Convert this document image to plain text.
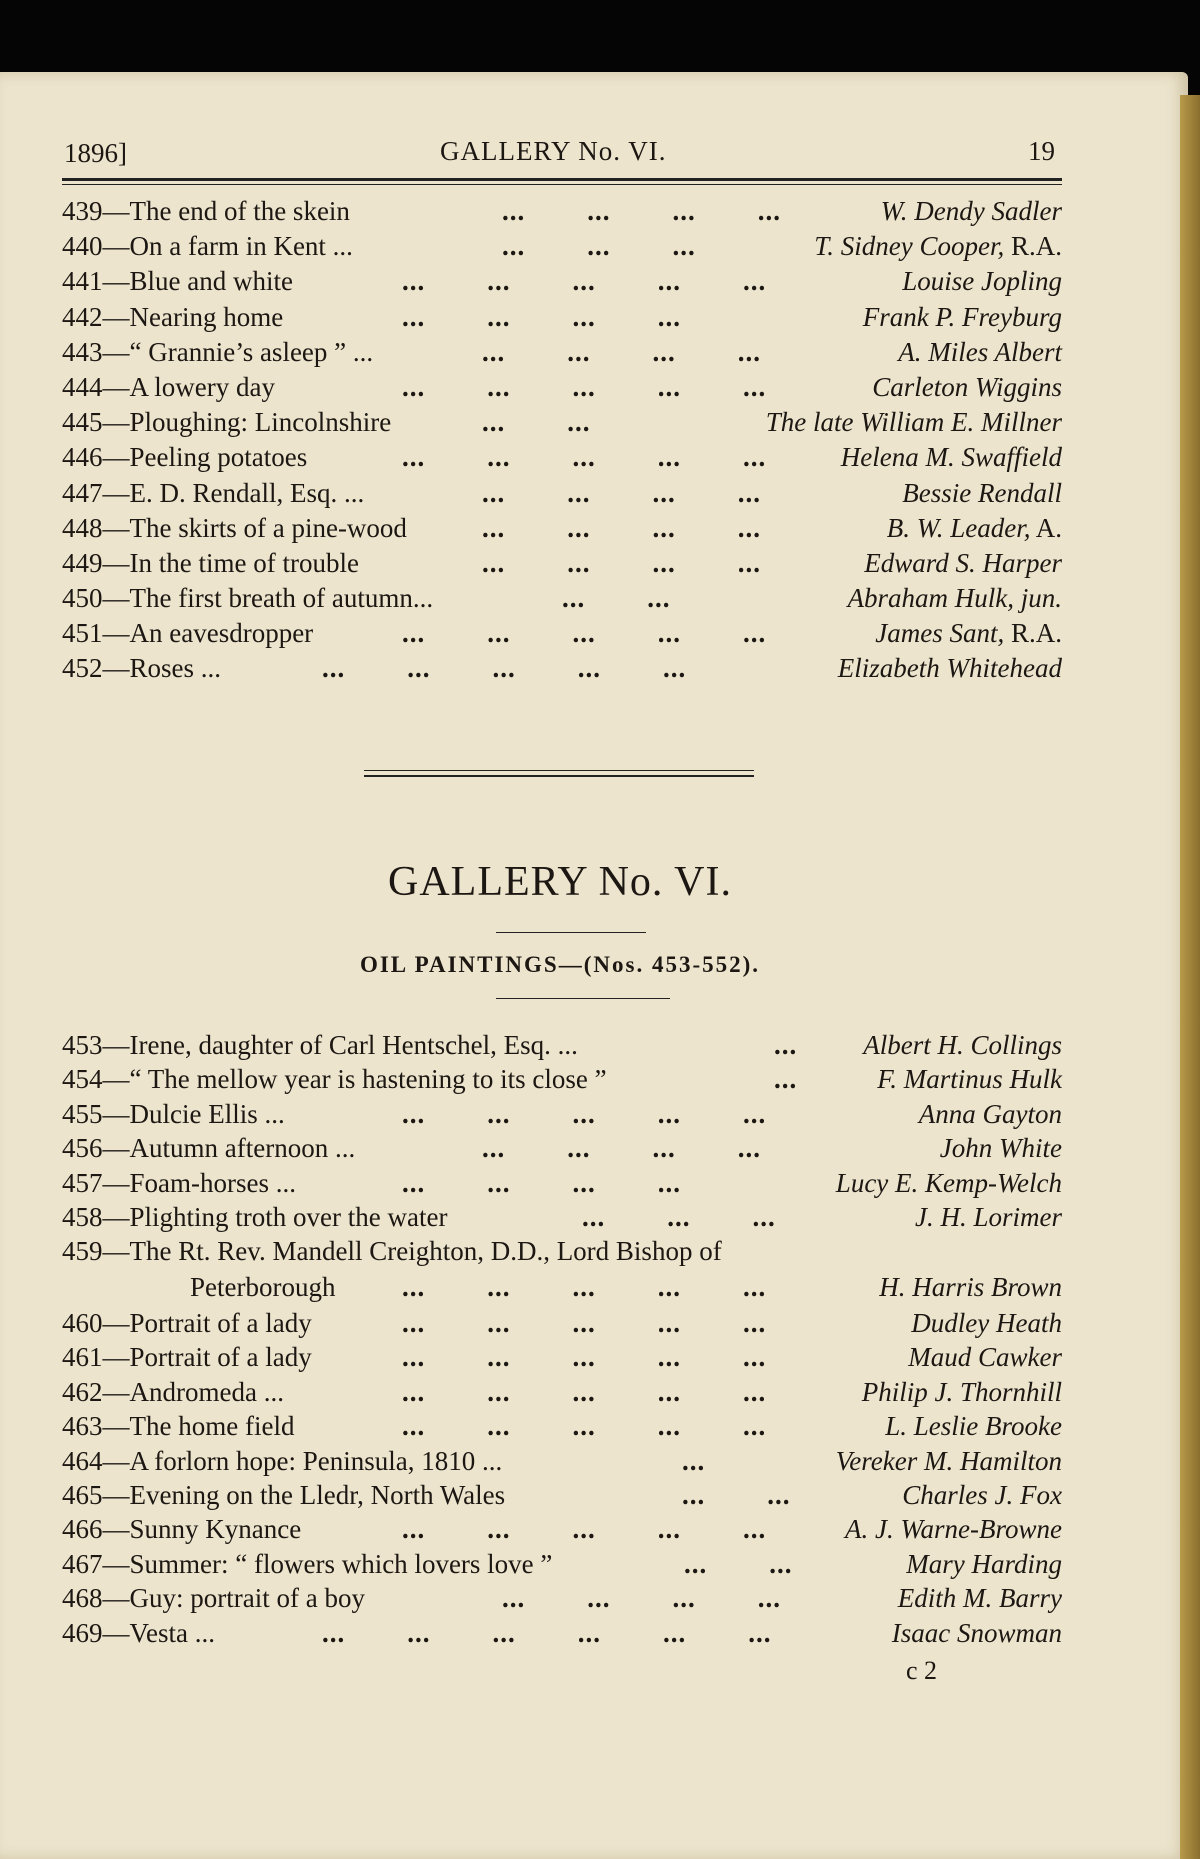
1896]	GALLERY No. VI.	19
439—The end of the skein	...        ...        ...        ...	W. Dendy Sadler
440—On a farm in Kent ...	...        ...        ...	T. Sidney Cooper, R.A.
441—Blue and white	...        ...        ...        ...        ...	Louise Jopling
442—Nearing home	...        ...        ...        ...	Frank P. Freyburg
443—“ Grannie’s asleep ” ...	...        ...        ...        ...	A. Miles Albert
444—A lowery day	...        ...        ...        ...        ...	Carleton Wiggins
445—Ploughing: Lincolnshire	...        ...	The late William E. Millner
446—Peeling potatoes	...        ...        ...        ...        ...	Helena M. Swaffield
447—E. D. Rendall, Esq. ...	...        ...        ...        ...	Bessie Rendall
448—The skirts of a pine-wood	...        ...        ...        ...	B. W. Leader, A.
449—In the time of trouble	...        ...        ...        ...	Edward S. Harper
450—The first breath of autumn...	...        ...	Abraham Hulk, jun.
451—An eavesdropper	...        ...        ...        ...        ...	James Sant, R.A.
452—Roses ...	...        ...        ...        ...        ...	Elizabeth Whitehead
GALLERY No. VI.
OIL PAINTINGS—(Nos. 453-552).
453—Irene, daughter of Carl Hentschel, Esq. ...	... Albert H. Collings
454—“ The mellow year is hastening to its close ”	...	F. Martinus Hulk
455—Dulcie Ellis ...	...        ...        ...        ...        ...	Anna Gayton
456—Autumn afternoon ...	...        ...        ...        ...	John White
457—Foam-horses ...	...        ...        ...        ...	Lucy E. Kemp-Welch
458—Plighting troth over the water	...        ...        ...	J. H. Lorimer
459—The Rt. Rev. Mandell Creighton, D.D., Lord Bishop of
Peterborough ...        ...        ...        ...        ...	H. Harris Brown
460—Portrait of a lady	...        ...        ...        ...        ...	Dudley Heath
461—Portrait of a lady	...        ...        ...        ...        ...	Maud Cawker
462—Andromeda ...	...        ...        ...        ...        ...	Philip J. Thornhill
463—The home field	...        ...        ...        ...        ...	L. Leslie Brooke
464—A forlorn hope: Peninsula, 1810 ...	...	Vereker M. Hamilton
465—Evening on the Lledr, North Wales	...        ...	Charles J. Fox
466—Sunny Kynance	...        ...        ...        ...        ...	A. J. Warne-Browne
467—Summer: “ flowers which lovers love ”	...        ...	Mary Harding
468—Guy: portrait of a boy	...        ...        ...        ...	Edith M. Barry
469—Vesta ...	...        ...        ...        ...        ...        ...	Isaac Snowman
c 2
